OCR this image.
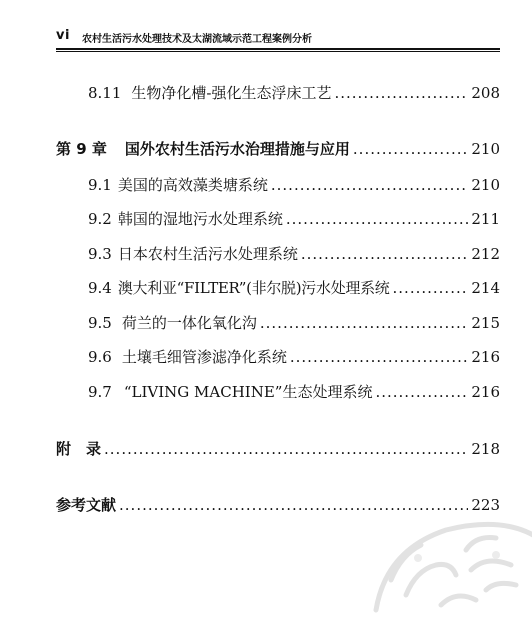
vi 农村生活污水处理技术及太湖流域示范工程案例分析
8.11 生物净化槽-强化生态浮床工艺 .....	208
第 9 章 国外农村生活污水治理措施与应用 .....	210
9.1 美国的高效藻类塘系统 .....	210
9.2 韩国的湿地污水处理系统 .....	211
9.3 日本农村生活污水处理系统 .....	212
9.4 澳大利亚“FILTER”(非尔脱)污水处理系统 .....	214
9.5 荷兰的一体化氧化沟 .....	215
9.6 土壤毛细管渗滤净化系统 .....	216
9.7 “LIVING MACHINE”生态处理系统 .....	216
附　录 .....	218
参考文献 .....	223
